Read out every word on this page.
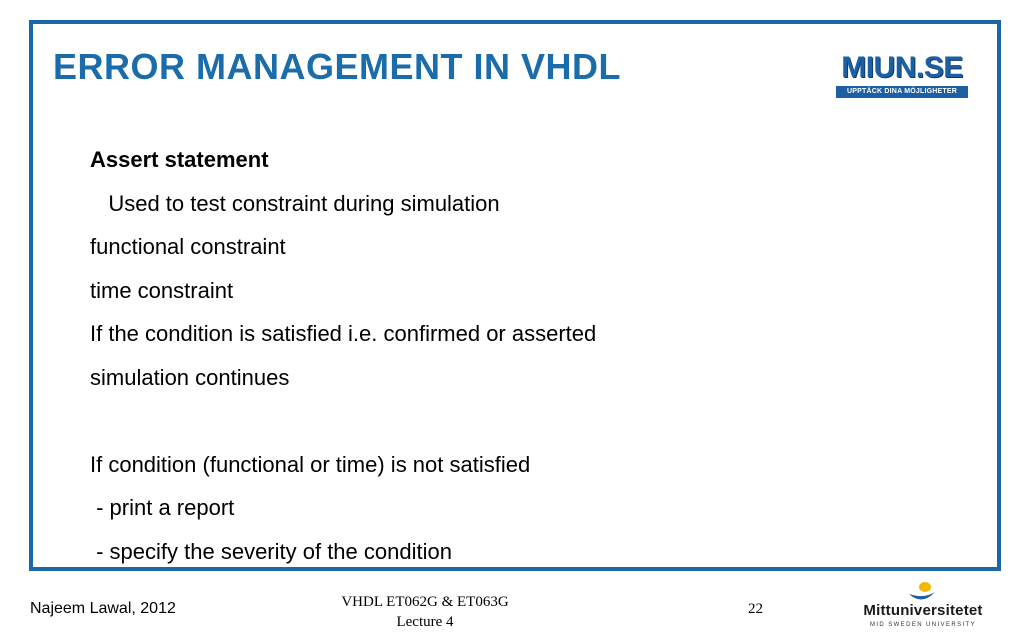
ERROR MANAGEMENT IN VHDL	MIUN.SE
UPPTÄCK DINA MÖJLIGHETER
Assert statement
Used to test constraint during simulation
functional constraint
time constraint
If the condition is satisfied i.e. confirmed or asserted
simulation continues
If condition (functional or time) is not satisfied
- print a report
- specify the severity of the condition
Najeem Lawal, 2012	VHDL ET062G & ET063G
Lecture 4
22	Mittuniversitetet
MID SWEDEN UNIVERSITY
